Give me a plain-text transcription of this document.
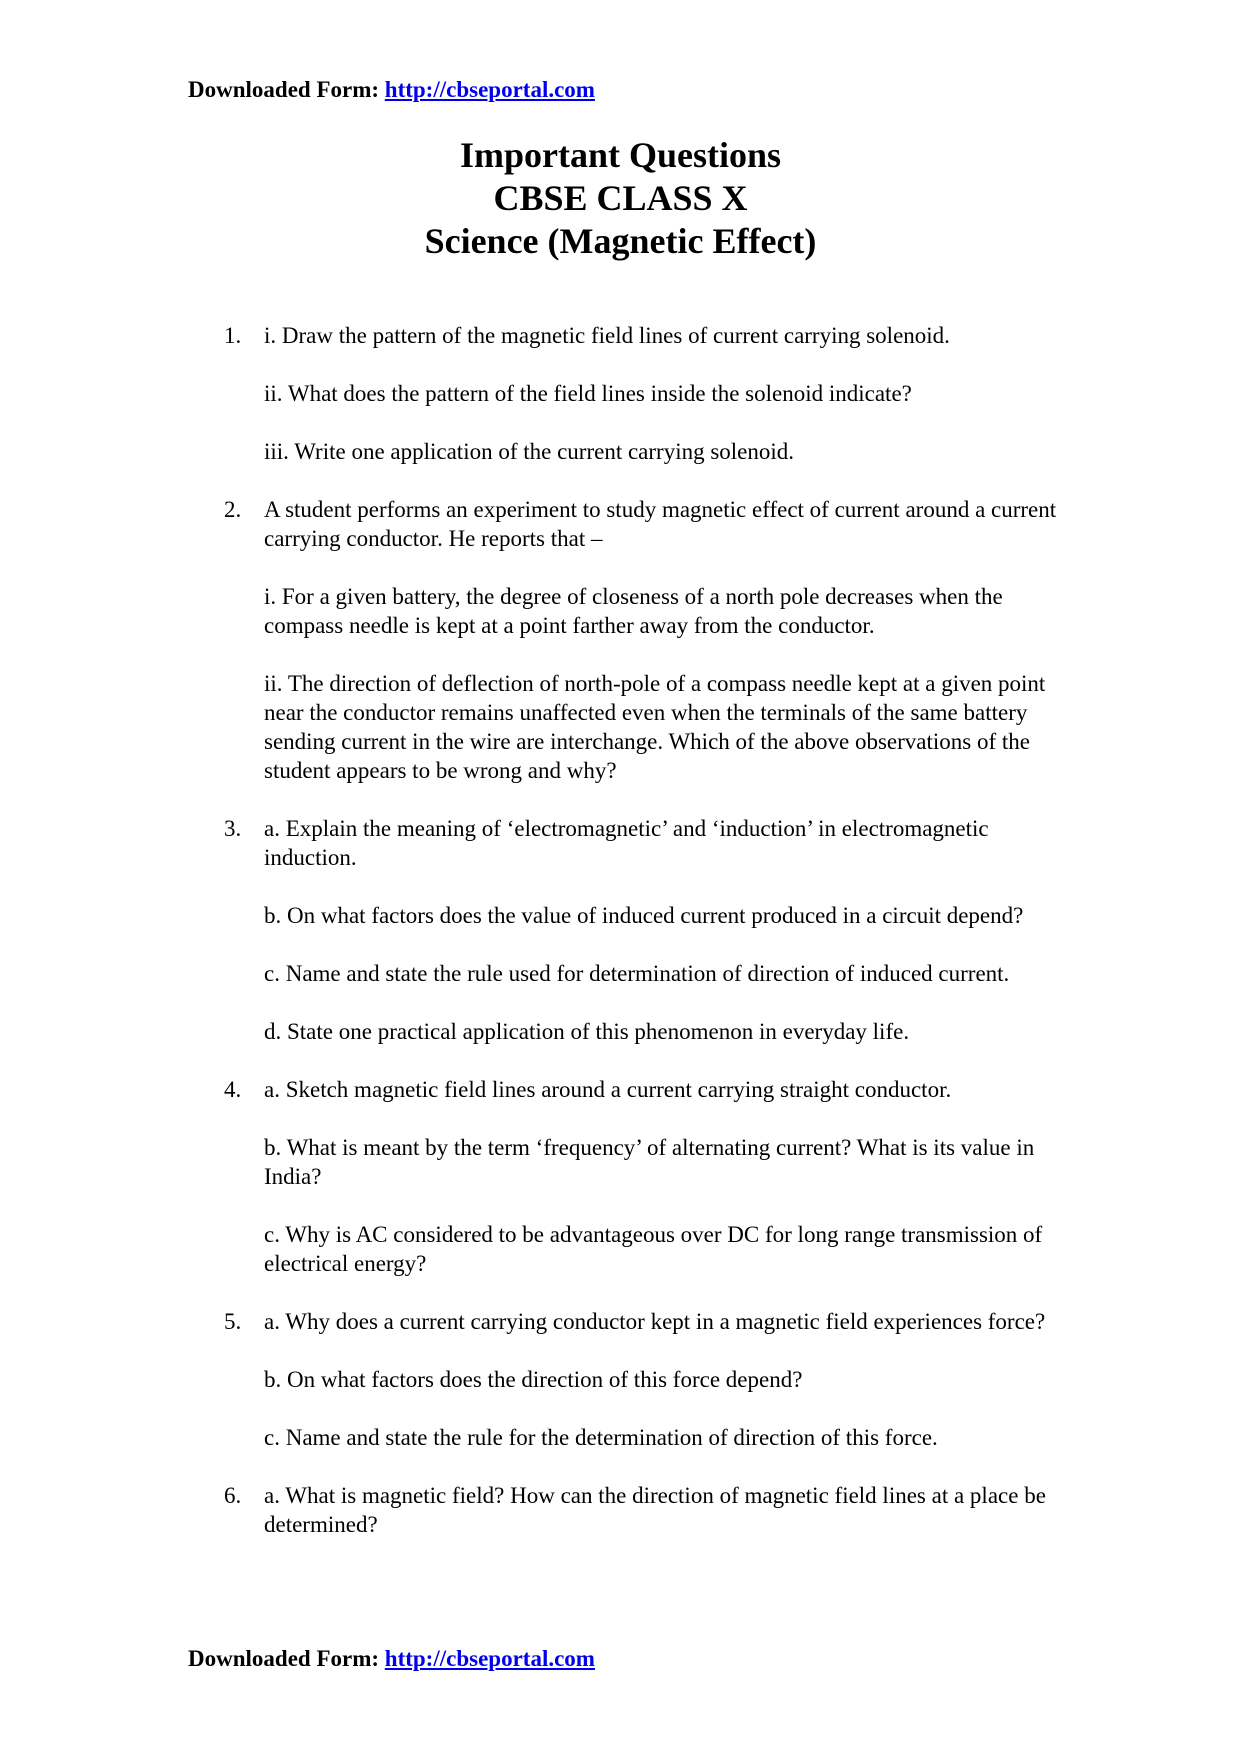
Downloaded Form: http://cbseportal.com
Important Questions
CBSE CLASS X
Science (Magnetic Effect)
1. i. Draw the pattern of the magnetic field lines of current carrying solenoid.
ii. What does the pattern of the field lines inside the solenoid indicate?
iii. Write one application of the current carrying solenoid.
2. A student performs an experiment to study magnetic effect of current around a current carrying conductor. He reports that –
i. For a given battery, the degree of closeness of a north pole decreases when the compass needle is kept at a point farther away from the conductor.
ii. The direction of deflection of north-pole of a compass needle kept at a given point near the conductor remains unaffected even when the terminals of the same battery sending current in the wire are interchange. Which of the above observations of the student appears to be wrong and why?
3. a. Explain the meaning of ‘electromagnetic’ and ‘induction’ in electromagnetic induction.
b. On what factors does the value of induced current produced in a circuit depend?
c. Name and state the rule used for determination of direction of induced current.
d. State one practical application of this phenomenon in everyday life.
4. a. Sketch magnetic field lines around a current carrying straight conductor.
b. What is meant by the term ‘frequency’ of alternating current? What is its value in India?
c. Why is AC considered to be advantageous over DC for long range transmission of electrical energy?
5. a. Why does a current carrying conductor kept in a magnetic field experiences force?
b. On what factors does the direction of this force depend?
c. Name and state the rule for the determination of direction of this force.
6. a. What is magnetic field? How can the direction of magnetic field lines at a place be determined?
Downloaded Form: http://cbseportal.com
